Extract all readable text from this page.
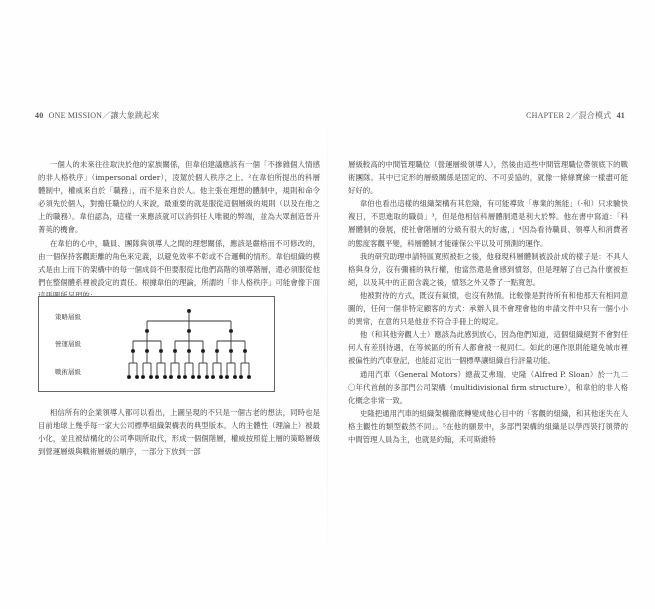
40 ONE MISSION／讓大象跳起來	CHAPTER 2／混合模式 41

一個人的未來往往取決於他的家族關係，但韋伯建議應該有一個「不摻雜個人情感的非人格秩序」（impersonal order），凌駕於個人秩序之上。²在韋伯所提出的科層體制中，權威來自於「職務」，而不是來自於人。他主張在理想的體制中，規則和命令必須先於個人，對擔任職位的人來說，最重要的就是服從這個層級的規則（以及在他之上的職務）。韋伯認為，這樣一來應該就可以消弭任人唯親的弊端，並為大眾創造晉升菁英的機會。

在韋伯的心中，職員、團隊與領導人之間的理想關係，應該是嚴格而不可修改的，由一個保持客觀距離的角色來定義，以避免效率不彰或不合邏輯的情形。韋伯組織的模式是由上而下的架構中的每一個成員不但要服從比他們高階的領導階層，還必須服從他們在整個體系裡被設定的責任。根據韋伯的理論，所謂的「非人格秩序」可能會像下面

策略層級
營運層級
戰術層級

相信所有的企業領導人都可以看出，上圖呈現的不只是一個古老的想法，同時也是目前地球上幾乎每一家大公司標準組織架構表的典型版本。人的主體性（理論上）被最小化，並且被結構化的公司準則所取代，形成一個個階層，權威按照從上層的策略層級到營運層級與戰術層級的順序，一部分下放到一部

層級較高的中間管理職位（營運層級領導人），然後由這些中間管理職位帶領底下的戰術團隊。其中已定形的層級關係是固定的、不可妥協的，就像一條條寶線一樣盡可能好好的。

韋伯也看出這樣的組織架構有其危險，有可能導致「專業的無能」（‑和）只求驗快複日，不思進取的職員」³，但是他相信科層體制還是利大於弊。他在書中寫道：「科層體制的發展，使社會階層的分級有很大的好處，」⁴因為看待職員、領導人和消費者的態度客觀平變，科層體制才能確保公平以及可預測的運作。

我的研究助理申請特區寬照被拒之後，他發現科層體制被設計成的樣子是：不具人格與身分，沒有彌補的執行權，他當然還是會感到憤怒，但是理解了自己為什麼被拒絕，以及其中的正面含義之後，憤怒之外又帶了一點寬恕。

他被對待的方式，既沒有氣憤，也沒有熱情。比較像是對待所有和他那天有相同意圖的，任何一個非特定顧客的方式：承辦人員不會理會他的申請文件中只有一個小小的異常，在意的只是他並不符合手冊上的規定。

他（和其他旁觀人士）應該為此感到放心，因為他們知道，這個組織絕對不會對任何人有差別待遇，在等候區的所有人都會被一視同仁。如此的運作原則能避免城市裡被偏性的汽車登記，也能訂定出一個標準讓組織自行評量功能。

通用汽車（General Motors）總裁艾弗瑞．史隆（Alfred P. Sloan）於一九二〇年代首創的多部門公司架構（multidivisional firm structure），和韋伯的非人格化概念非常一致。

史隆把通用汽車的組織架構徹底轉變成他心目中的「客觀的組織，和其他迷失在人格主觀性的類型截然不同」。⁵在他的願景中，多部門架構的組織是以學西裝打領帶的中間管理人員為主，也就是約翰，禾可斯維特
